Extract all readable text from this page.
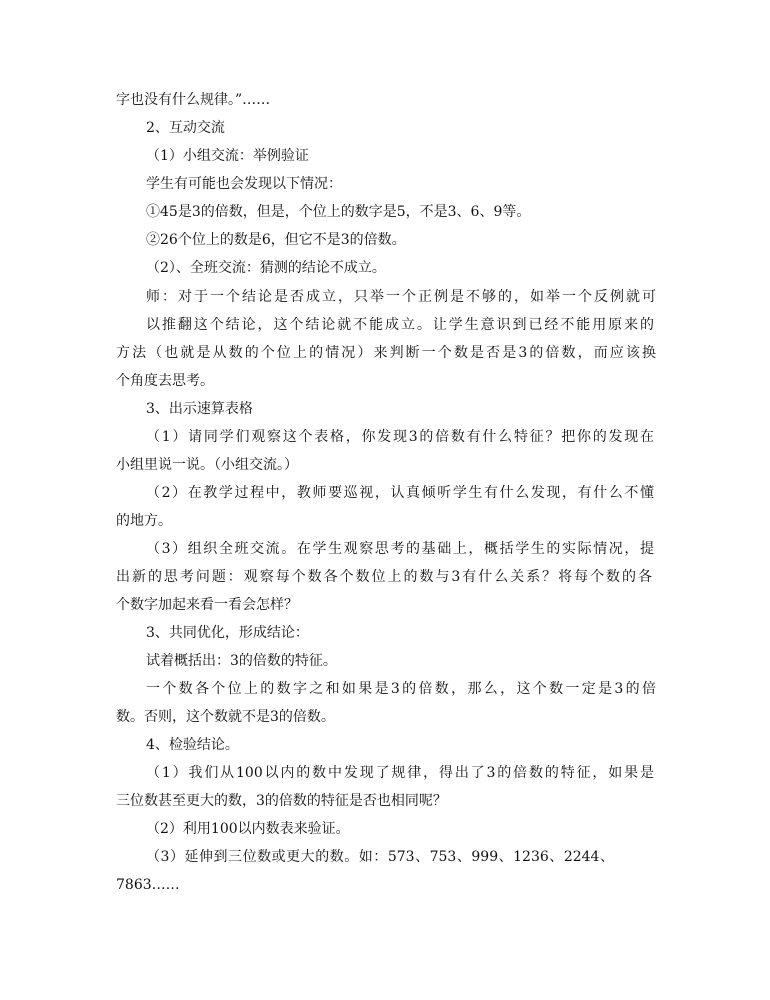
字也没有什么规律。”……
2、互动交流
（1）小组交流：举例验证
学生有可能也会发现以下情况：
①45是3的倍数，但是，个位上的数字是5，不是3、6、9等。
②26个位上的数是6，但它不是3的倍数。
（2）、全班交流：猜测的结论不成立。
师：对于一个结论是否成立，只举一个正例是不够的，如举一个反例就可
以推翻这个结论，这个结论就不能成立。让学生意识到已经不能用原来的
方法（也就是从数的个位上的情况）来判断一个数是否是3的倍数，而应该换
个角度去思考。
3、出示速算表格
（1）请同学们观察这个表格，你发现3的倍数有什么特征？把你的发现在
小组里说一说。（小组交流。）
（2）在教学过程中，教师要巡视，认真倾听学生有什么发现，有什么不懂
的地方。
（3）组织全班交流。在学生观察思考的基础上，概括学生的实际情况，提
出新的思考问题：观察每个数各个数位上的数与3有什么关系？将每个数的各
个数字加起来看一看会怎样？
3、共同优化，形成结论：
试着概括出：3的倍数的特征。
一个数各个位上的数字之和如果是3的倍数，那么，这个数一定是3的倍
数。否则，这个数就不是3的倍数。
4、检验结论。
（1）我们从100以内的数中发现了规律，得出了3的倍数的特征，如果是
三位数甚至更大的数，3的倍数的特征是否也相同呢？
（2）利用100以内数表来验证。
（3）延伸到三位数或更大的数。如：573、753、999、1236、2244、
7863……
